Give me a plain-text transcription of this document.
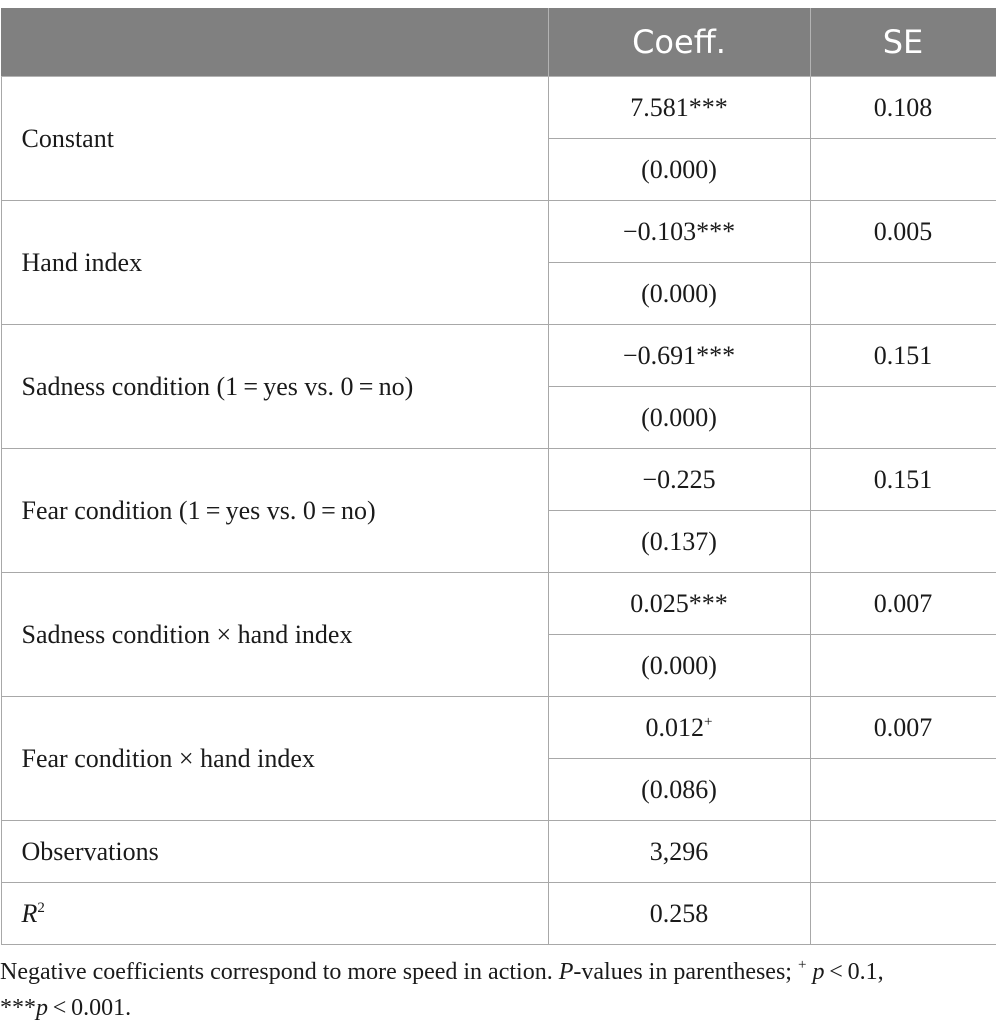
	Coeff.	SE
Constant	7.581***	0.108
	(0.000)	
Hand index	−0.103***	0.005
	(0.000)	
Sadness condition (1 = yes vs. 0 = no)	−0.691***	0.151
	(0.000)	
Fear condition (1 = yes vs. 0 = no)	−0.225	0.151
	(0.137)	
Sadness condition × hand index	0.025***	0.007
	(0.000)	
Fear condition × hand index	0.012+	0.007
	(0.086)	
Observations	3,296	
$R^2$	0.258	
Negative coefficients correspond to more speed in action. P-values in parentheses; + p < 0.1,
***p < 0.001.
